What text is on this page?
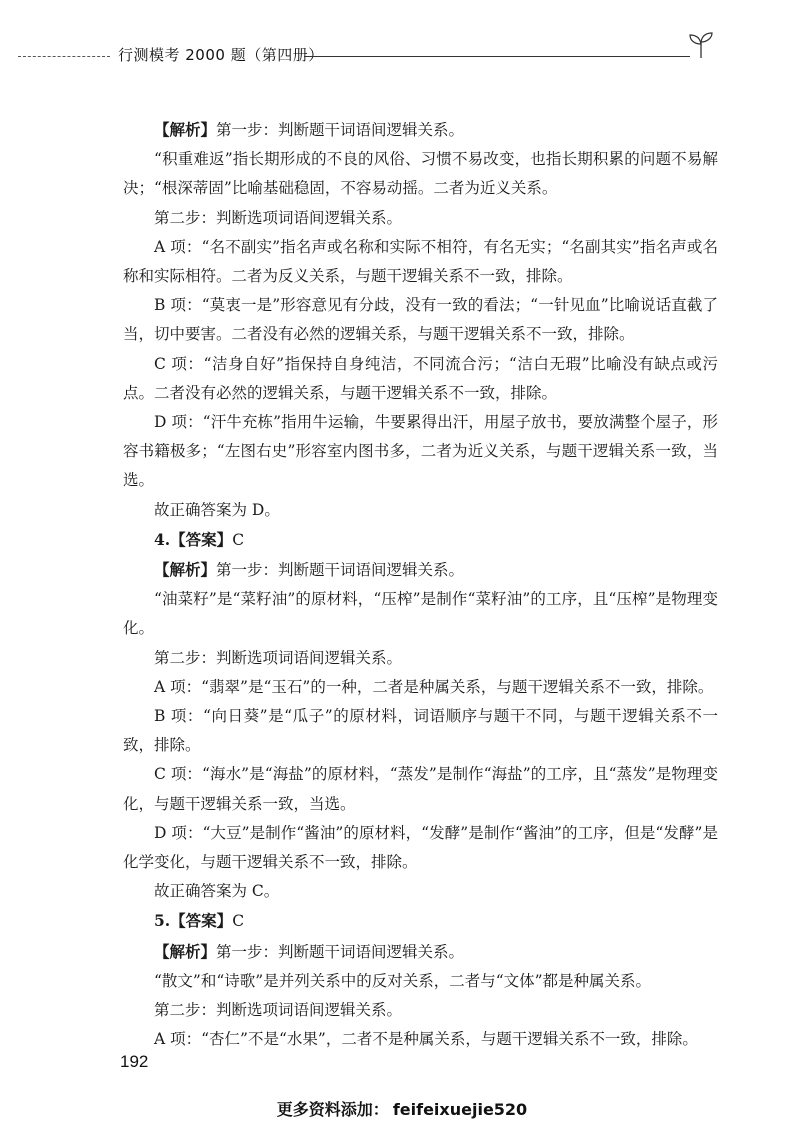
行测模考 2000 题（第四册）

【解析】第一步：判断题干词语间逻辑关系。

“积重难返”指长期形成的不良的风俗、习惯不易改变，也指长期积累的问题不易解决；“根深蒂固”比喻基础稳固，不容易动摇。二者为近义关系。

第二步：判断选项词语间逻辑关系。

A 项：“名不副实”指名声或名称和实际不相符，有名无实；“名副其实”指名声或名称和实际相符。二者为反义关系，与题干逻辑关系不一致，排除。

B 项：“莫衷一是”形容意见有分歧，没有一致的看法；“一针见血”比喻说话直截了当，切中要害。二者没有必然的逻辑关系，与题干逻辑关系不一致，排除。

C 项：“洁身自好”指保持自身纯洁，不同流合污；“洁白无瑕”比喻没有缺点或污点。二者没有必然的逻辑关系，与题干逻辑关系不一致，排除。

D 项：“汗牛充栋”指用牛运输，牛要累得出汗，用屋子放书，要放满整个屋子，形容书籍极多；“左图右史”形容室内图书多，二者为近义关系，与题干逻辑关系一致，当选。

故正确答案为 D。

4.【答案】C

【解析】第一步：判断题干词语间逻辑关系。

“油菜籽”是“菜籽油”的原材料，“压榨”是制作“菜籽油”的工序，且“压榨”是物理变化。

第二步：判断选项词语间逻辑关系。

A 项：“翡翠”是“玉石”的一种，二者是种属关系，与题干逻辑关系不一致，排除。

B 项：“向日葵”是“瓜子”的原材料，词语顺序与题干不同，与题干逻辑关系不一致，排除。

C 项：“海水”是“海盐”的原材料，“蒸发”是制作“海盐”的工序，且“蒸发”是物理变化，与题干逻辑关系一致，当选。

D 项：“大豆”是制作“酱油”的原材料，“发酵”是制作“酱油”的工序，但是“发酵”是化学变化，与题干逻辑关系不一致，排除。

故正确答案为 C。

5.【答案】C

【解析】第一步：判断题干词语间逻辑关系。

“散文”和“诗歌”是并列关系中的反对关系，二者与“文体”都是种属关系。

第二步：判断选项词语间逻辑关系。

A 项：“杏仁”不是“水果”，二者不是种属关系，与题干逻辑关系不一致，排除。

192
更多资料添加： feifeixuejie520
